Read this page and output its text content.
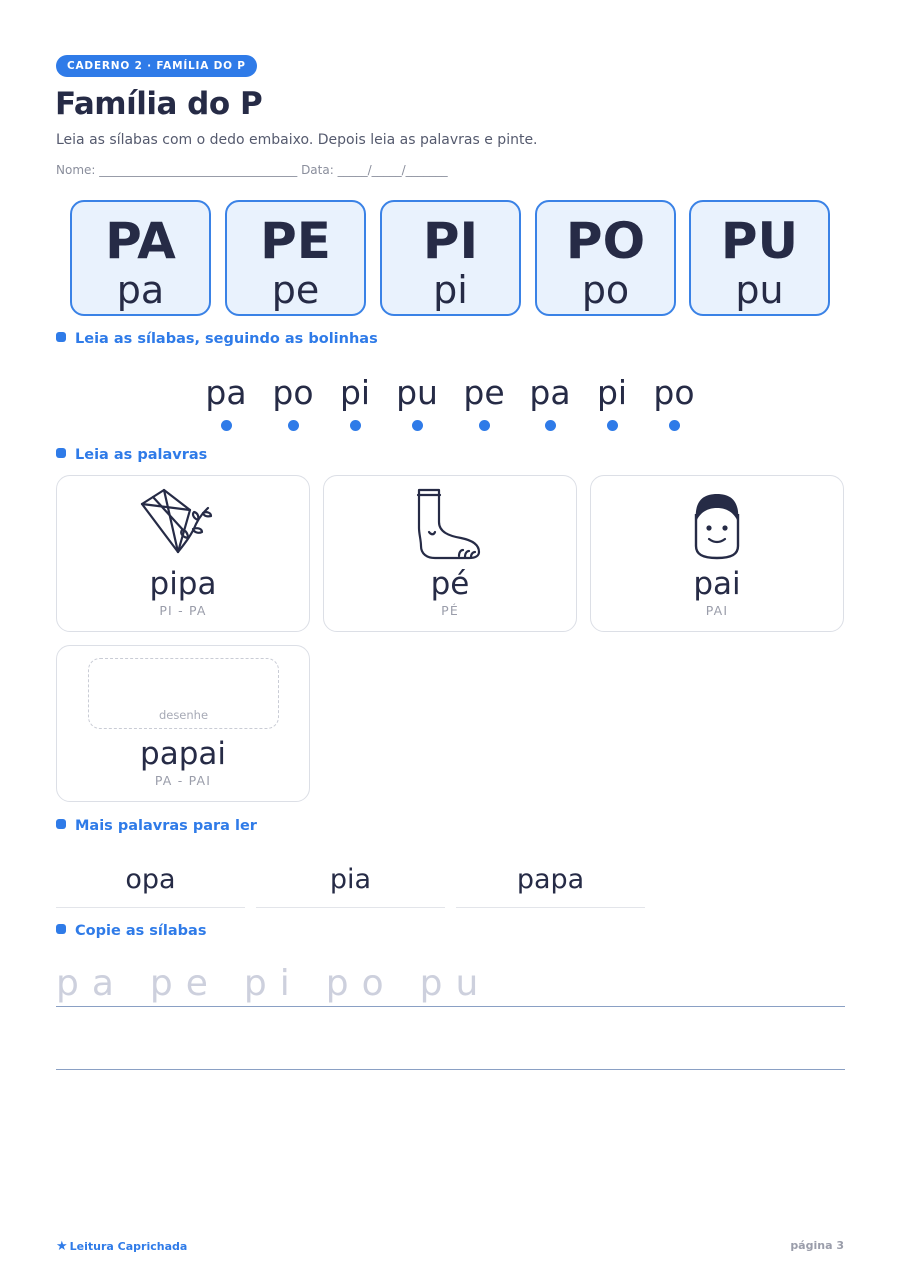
CADERNO 2 · FAMÍLIA DO P
Família do P

Leia as sílabas com o dedo embaixo. Depois leia as palavras e pinte.

Nome: _________________________________ Data: _____/_____/_______

PA
pa
PE
pe
PI
pi
PO
po
PU
pu
Leia as sílabas, seguindo as bolinhas
pa po pi pu pe pa pi po
Leia as palavras
pipa
PI - PA
pé
PÉ
pai
PAI
desenhe
papai
PA - PAI
Mais palavras para ler
opa	pia	papa
Copie as sílabas
pa pe pi po pu
★ Leitura Caprichada	página 3
